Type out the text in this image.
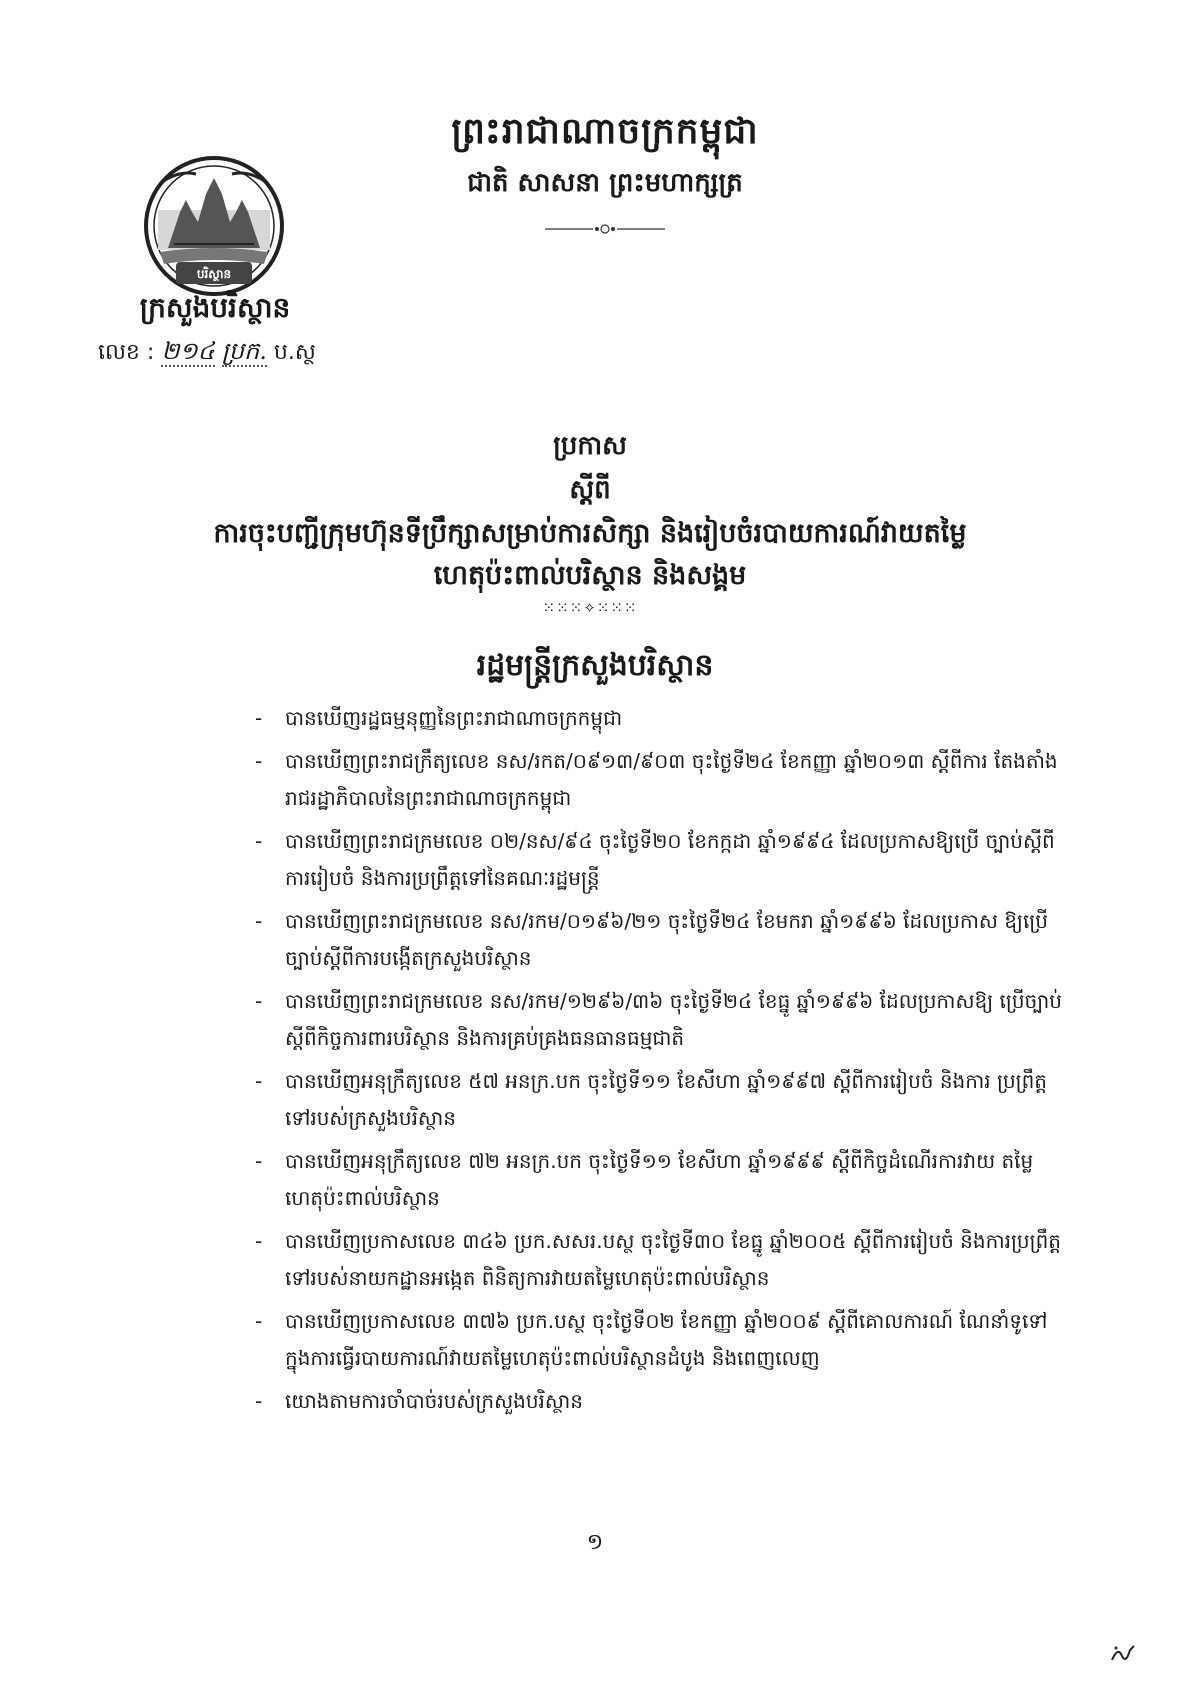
ព្រះរាជាណាចក្រកម្ពុជា
ជាតិ សាសនា ព្រះមហាក្សត្រ
បរិស្ថាន
ក្រសួងបរិស្ថាន
លេខ : ២១៤ ប្រក. ប.ស្ថ
ប្រកាស
ស្តីពី
ការចុះបញ្ជីក្រុមហ៊ុនទីប្រឹក្សាសម្រាប់ការសិក្សា និងរៀបចំរបាយការណ៍វាយតម្លៃ
ហេតុប៉ះពាល់បរិស្ថាន និងសង្គម
⁙⁙⁙✧⁙⁙⁙
រដ្ឋមន្ត្រីក្រសួងបរិស្ថាន
- បានឃើញរដ្ឋធម្មនុញ្ញនៃព្រះរាជាណាចក្រកម្ពុជា
- បានឃើញព្រះរាជក្រឹត្យលេខ នស/រកត/០៩១៣/៩០៣ ចុះថ្ងៃទី២៤ ខែកញ្ញា ឆ្នាំ២០១៣ ស្តីពីការ តែងតាំងរាជរដ្ឋាភិបាលនៃព្រះរាជាណាចក្រកម្ពុជា
- បានឃើញព្រះរាជក្រមលេខ ០២/នស/៩៤ ចុះថ្ងៃទី២០ ខែកក្កដា ឆ្នាំ១៩៩៤ ដែលប្រកាសឱ្យប្រើ ច្បាប់ស្តីពីការរៀបចំ និងការប្រព្រឹត្តទៅនៃគណៈរដ្ឋមន្ត្រី
- បានឃើញព្រះរាជក្រមលេខ នស/រកម/០១៩៦/២១ ចុះថ្ងៃទី២៤ ខែមករា ឆ្នាំ១៩៩៦ ដែលប្រកាស ឱ្យប្រើច្បាប់ស្តីពីការបង្កើតក្រសួងបរិស្ថាន
- បានឃើញព្រះរាជក្រមលេខ នស/រកម/១២៩៦/៣៦ ចុះថ្ងៃទី២៤ ខែធ្នូ ឆ្នាំ១៩៩៦ ដែលប្រកាសឱ្យ ប្រើច្បាប់ស្តីពីកិច្ចការពារបរិស្ថាន និងការគ្រប់គ្រងធនធានធម្មជាតិ
- បានឃើញអនុក្រឹត្យលេខ ៥៧ អនក្រ.បក ចុះថ្ងៃទី១១ ខែសីហា ឆ្នាំ១៩៩៧ ស្តីពីការរៀបចំ និងការ ប្រព្រឹត្តទៅរបស់ក្រសួងបរិស្ថាន
- បានឃើញអនុក្រឹត្យលេខ ៧២ អនក្រ.បក ចុះថ្ងៃទី១១ ខែសីហា ឆ្នាំ១៩៩៩ ស្តីពីកិច្ចដំណើរការវាយ តម្លៃហេតុប៉ះពាល់បរិស្ថាន
- បានឃើញប្រកាសលេខ ៣៤៦ ប្រក.សសរ.បស្ថ ចុះថ្ងៃទី៣០ ខែធ្នូ ឆ្នាំ២០០៥ ស្តីពីការរៀបចំ និងការប្រព្រឹត្តទៅរបស់នាយកដ្ឋានអង្កេត ពិនិត្យការវាយតម្លៃហេតុប៉ះពាល់បរិស្ថាន
- បានឃើញប្រកាសលេខ ៣៧៦ ប្រក.បស្ថ ចុះថ្ងៃទី០២ ខែកញ្ញា ឆ្នាំ២០០៩ ស្តីពីគោលការណ៍ ណែនាំទូទៅក្នុងការធ្វើរបាយការណ៍វាយតម្លៃហេតុប៉ះពាល់បរិស្ថានដំបូង និងពេញលេញ
- យោងតាមការចាំបាច់របស់ក្រសួងបរិស្ថាន
១
